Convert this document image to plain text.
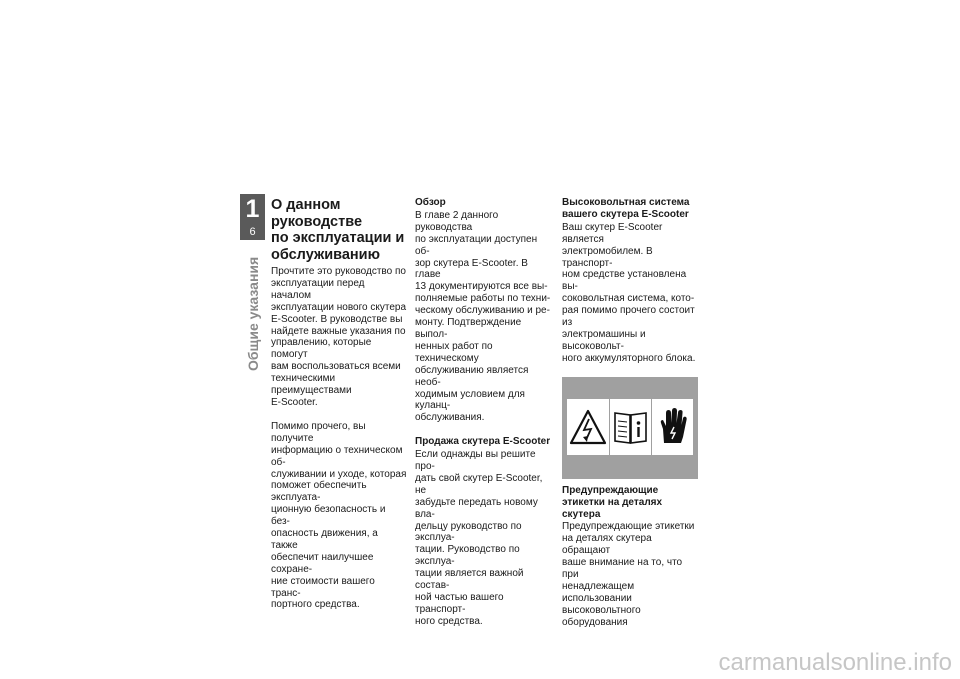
1
6
Общие указания
О данном руководстве
по эксплуатации и
обслуживанию

Прочтите это руководство по
эксплуатации перед началом
эксплуатации нового скутера
E-Scooter. В руководстве вы
найдете важные указания по
управлению, которые помогут
вам воспользоваться всеми
техническими преимуществами
E-Scooter.

Помимо прочего, вы получите
информацию о техническом об-
служивании и уходе, которая
поможет обеспечить эксплуата-
ционную безопасность и без-
опасность движения, а также
обеспечит наилучшее сохране-
ние стоимости вашего транс-
портного средства.

Обзор

В главе 2 данного руководства
по эксплуатации доступен об-
зор скутера E-Scooter. В главе
13 документируются все вы-
полняемые работы по техни-
ческому обслуживанию и ре-
монту. Подтверждение выпол-
ненных работ по техническому
обслуживанию является необ-
ходимым условием для куланц-
обслуживания.

Продажа скутера E-Scooter

Если однажды вы решите про-
дать свой скутер E-Scooter, не
забудьте передать новому вла-
дельцу руководство по эксплуа-
тации. Руководство по эксплуа-
тации является важной состав-
ной частью вашего транспорт-
ного средства.

Высоковольтная система
вашего скутера E-Scooter

Ваш скутер E-Scooter является
электромобилем. В транспорт-
ном средстве установлена вы-
соковольтная система, кото-
рая помимо прочего состоит из
электромашины и высоковольт-
ного аккумуляторного блока.

Предупреждающие
этикетки на деталях скутера

Предупреждающие этикетки
на деталях скутера обращают
ваше внимание на то, что при
ненадлежащем использовании
высоковольтного оборудования

carmanualsonline.info
